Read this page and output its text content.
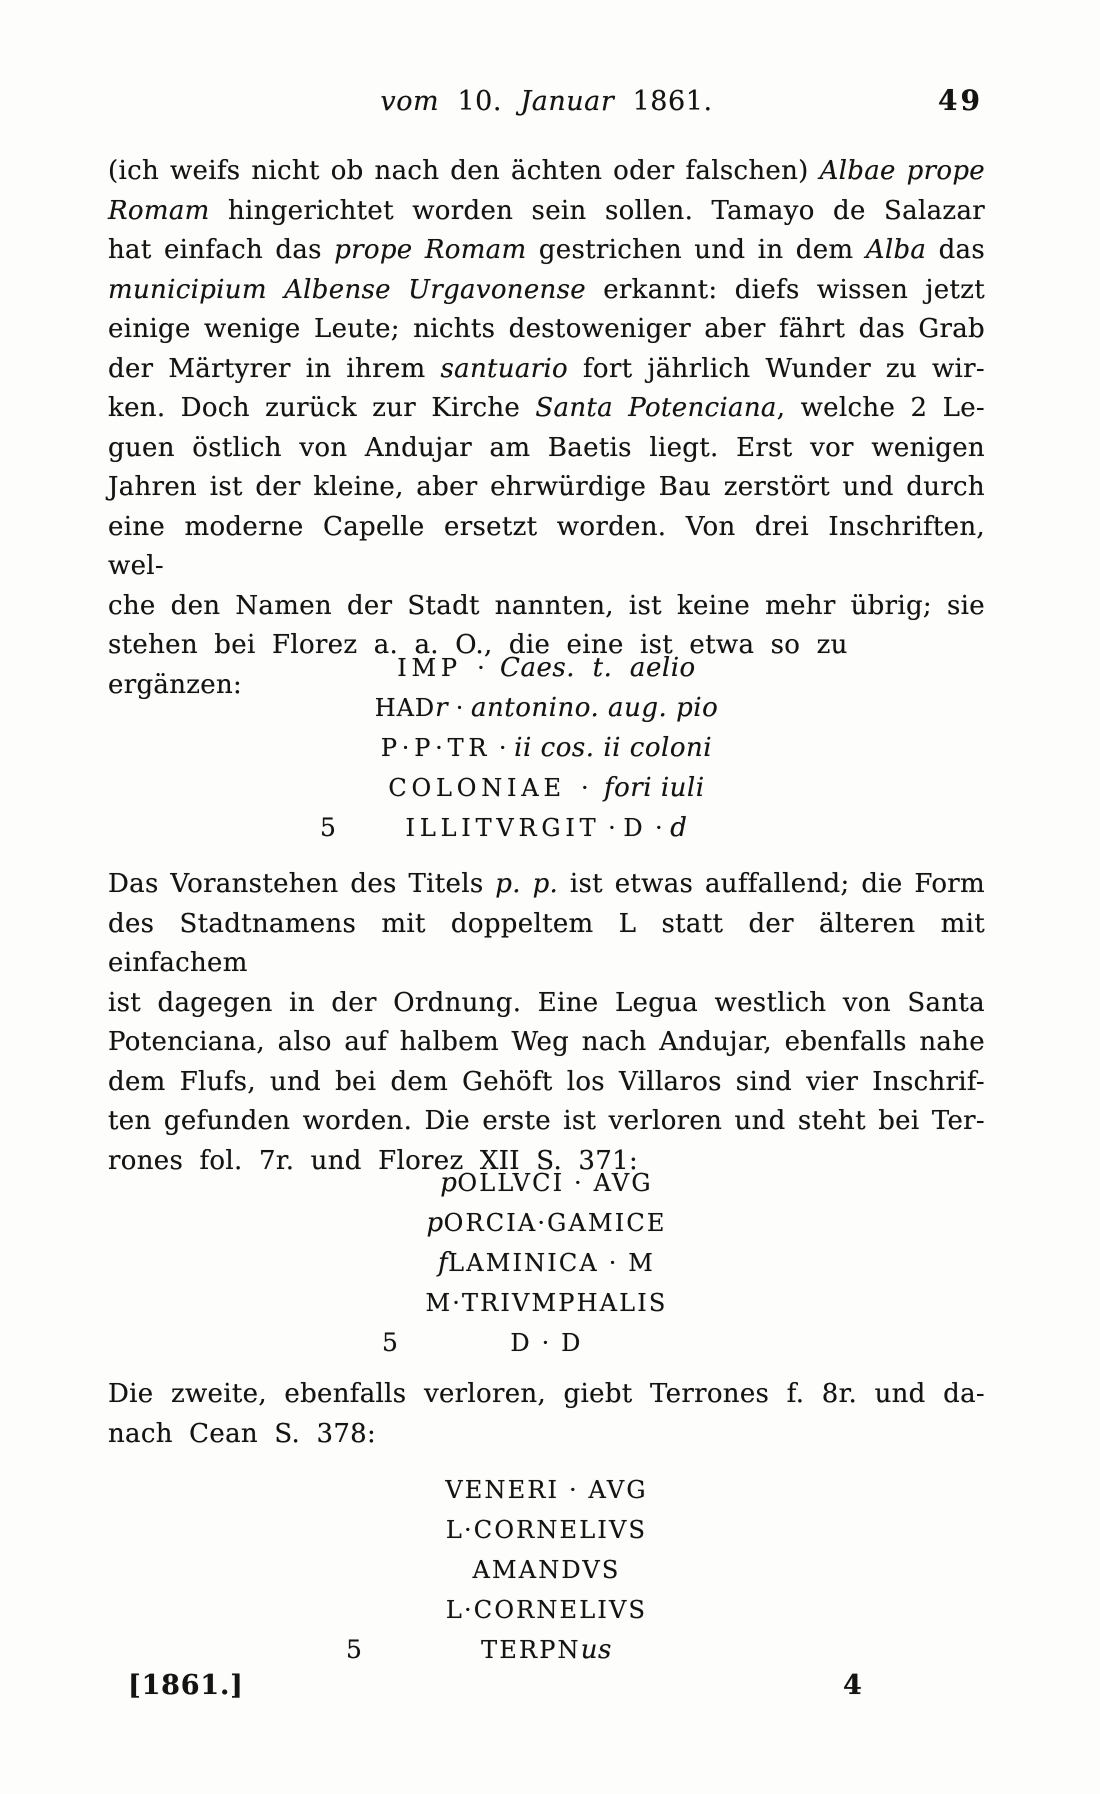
vom 10. Januar 1861.	49
(ich weifs nicht ob nach den ächten oder falschen) Albae prope
Romam hingerichtet worden sein sollen. Tamayo de Salazar
hat einfach das prope Romam gestrichen und in dem Alba das
municipium Albense Urgavonense erkannt: diefs wissen jetzt
einige wenige Leute; nichts destoweniger aber fährt das Grab
der Märtyrer in ihrem santuario fort jährlich Wunder zu wir-
ken. Doch zurück zur Kirche Santa Potenciana, welche 2 Le-
guen östlich von Andujar am Baetis liegt. Erst vor wenigen
Jahren ist der kleine, aber ehrwürdige Bau zerstört und durch
eine moderne Capelle ersetzt worden. Von drei Inschriften, wel-
che den Namen der Stadt nannten, ist keine mehr übrig; sie
stehen bei Florez a. a. O., die eine ist etwa so zu ergänzen:
IMP  ·  Caes.  t.  aelio
HADr · antonino. aug. pio
P·P·TR · ii cos. ii coloni
COLONIAE  ·  fori iuli
5	ILLITVRGIT · D · d
Das Voranstehen des Titels p. p. ist etwas auffallend; die Form
des Stadtnamens mit doppeltem L statt der älteren mit einfachem
ist dagegen in der Ordnung. Eine Legua westlich von Santa
Potenciana, also auf halbem Weg nach Andujar, ebenfalls nahe
dem Flufs, und bei dem Gehöft los Villaros sind vier Inschrif-
ten gefunden worden. Die erste ist verloren und steht bei Ter-
rones fol. 7r. und Florez XII S. 371:
pOLLVCI · AVG
pORCIA·GAMICE
fLAMINICA · M
M·TRIVMPHALIS
5	D · D
Die zweite, ebenfalls verloren, giebt Terrones f. 8r. und da-
nach Cean S. 378:
VENERI · AVG
L·CORNELIVS
AMANDVS
L·CORNELIVS
5	TERPNus
[1861.]	4
